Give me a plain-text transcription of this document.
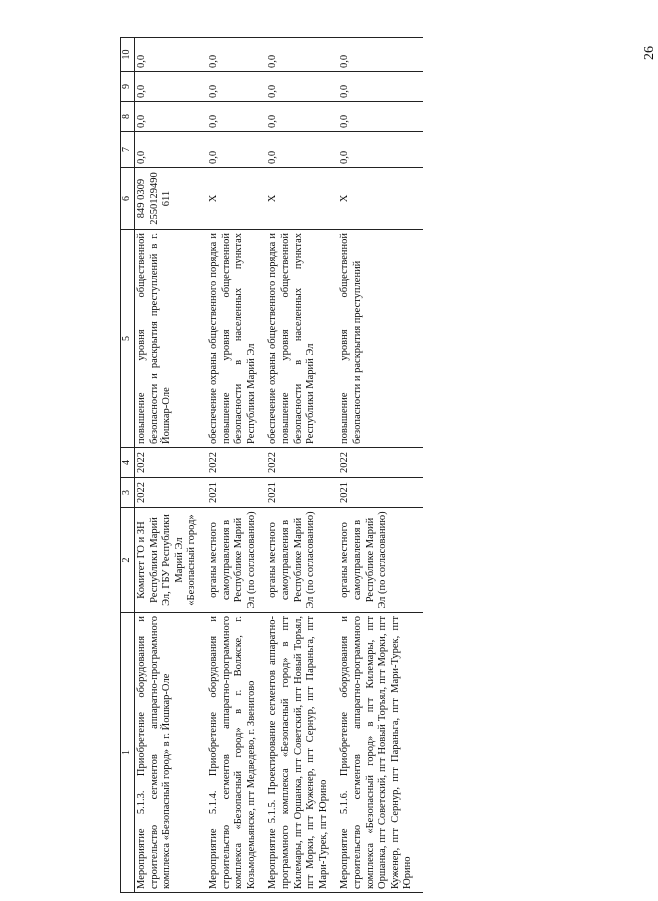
26
1	2	3	4	5	6	7	8	9	10
Мероприятие 5.1.3. Приобретение оборудования и строительство сегментов аппаратно-программного комплекса «Безопасный город» в г. Йошкар-Оле	Комитет ГО и ЗН Республики Марий Эл, ГБУ Республики Марий Эл «Безопасный город»	2022	2022	повышение уровня общественной безопасности и раскрытия преступлений в г. Йошкар-Оле	849 0309 2550129490 611	0,0	0,0	0,0	0,0
Мероприятие 5.1.4. Приобретение оборудования и строительство сегментов аппаратно-программного комплекса «Безопасный город» в г. Волжске, г. Козьмодемьянске, пгт Медведево, г. Звенигово	органы местного самоуправления в Республике Марий Эл (по согласованию)	2021	2022	обеспечение охраны общественного порядка и повышение уровня общественной безопасности в населенных пунктах Республики Марий Эл	Х	0,0	0,0	0,0	0,0
Мероприятие 5.1.5. Проектирование сегментов аппаратно-программного комплекса «Безопасный город» в пгт Килемары, пгт Оршанка, пгт Советский, пгт Новый Торъял, пгт Морки, пгт Куженер, пгт Сернур, пгт Параньга, пгт Мари-Турек, пгт Юрино	органы местного самоуправления в Республике Марий Эл (по согласованию)	2021	2022	обеспечение охраны общественного порядка и повышение уровня общественной безопасности в населенных пунктах Республики Марий Эл	Х	0,0	0,0	0,0	0,0
Мероприятие 5.1.6. Приобретение оборудования и строительство сегментов аппаратно-программного комплекса «Безопасный город» в пгт Килемары, пгт Оршанка, пгт Советский, пгт Новый Торъял, пгт Морки, пгт Куженер, пгт Сернур, пгт Параньга, пгт Мари-Турек, пгт Юрино	органы местного самоуправления в Республике Марий Эл (по согласованию)	2021	2022	повышение уровня общественной безопасности и раскрытия преступлений	Х	0,0	0,0	0,0	0,0
